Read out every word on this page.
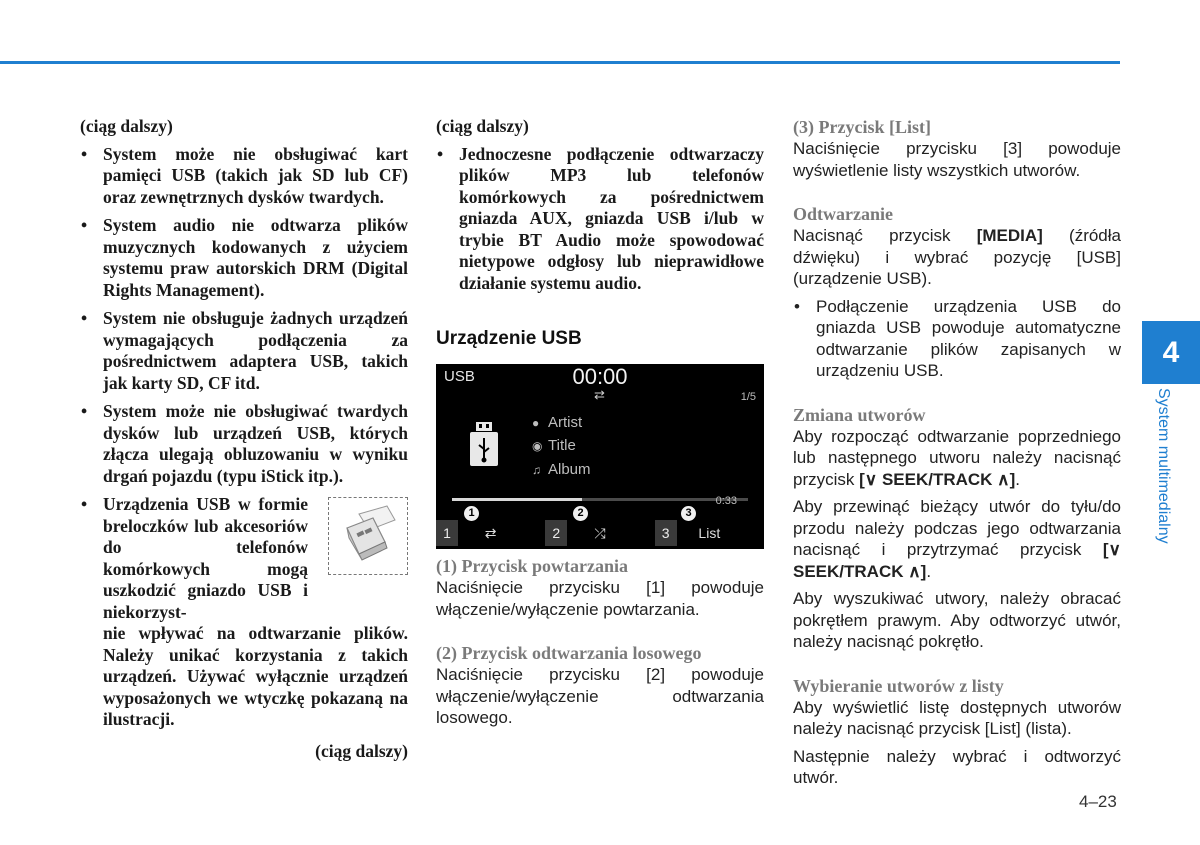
(ciąg dalszy)
• System może nie obsługiwać kart pamięci USB (takich jak SD lub CF) oraz zewnętrznych dysków twardych.
• System audio nie odtwarza plików muzycznych kodowanych z użyciem systemu praw autorskich DRM (Digital Rights Management).
• System nie obsługuje żadnych urządzeń wymagających podłączenia za pośrednictwem adaptera USB, takich jak karty SD, CF itd.
• System może nie obsługiwać twardych dysków lub urządzeń USB, których złącza ulegają obluzowaniu w wyniku drgań pojazdu (typu iStick itp.).
• Urządzenia USB w formie breloczków lub akcesoriów do telefonów komórkowych mogą uszkodzić gniazdo USB i niekorzyst-
nie wpływać na odtwarzanie plików. Należy unikać korzystania z takich urządzeń. Używać wyłącznie urządzeń wyposażonych we wtyczkę pokazaną na ilustracji.
(ciąg dalszy)
(ciąg dalszy)
• Jednoczesne podłączenie odtwarzaczy plików MP3 lub telefonów komórkowych za pośrednictwem gniazda AUX, gniazda USB i/lub w trybie BT Audio może spowodować nietypowe odgłosy lub nieprawidłowe działanie systemu audio.
Urządzenie USB
USB	00:00
⇄	1/5
● Artist
◉ Title
♫ Album
0:33
1	2	3
1	⇄	2	⤮	3	List
(1) Przycisk powtarzania

Naciśnięcie przycisku [1] powoduje włączenie/wyłączenie powtarzania.

(2) Przycisk odtwarzania losowego

Naciśnięcie przycisku [2] powoduje włączenie/wyłączenie odtwarzania losowego.

(3) Przycisk [List]

Naciśnięcie przycisku [3] powoduje wyświetlenie listy wszystkich utworów.

Odtwarzanie

Nacisnąć przycisk [MEDIA] (źródła dźwięku) i wybrać pozycję [USB] (urządzenie USB).

• Podłączenie urządzenia USB do gniazda USB powoduje automatyczne odtwarzanie plików zapisanych w urządzeniu USB.
Zmiana utworów

Aby rozpocząć odtwarzanie poprzedniego lub następnego utworu należy nacisnąć przycisk [∨ SEEK/TRACK ∧].

Aby przewinąć bieżący utwór do tyłu/do przodu należy podczas jego odtwarzania nacisnąć i przytrzymać przycisk [∨ SEEK/TRACK ∧].

Aby wyszukiwać utwory, należy obracać pokrętłem prawym. Aby odtworzyć utwór, należy nacisnąć pokrętło.

Wybieranie utworów z listy

Aby wyświetlić listę dostępnych utworów należy nacisnąć przycisk [List] (lista).

Następnie należy wybrać i odtworzyć utwór.

4
System multimedialny
4–23
